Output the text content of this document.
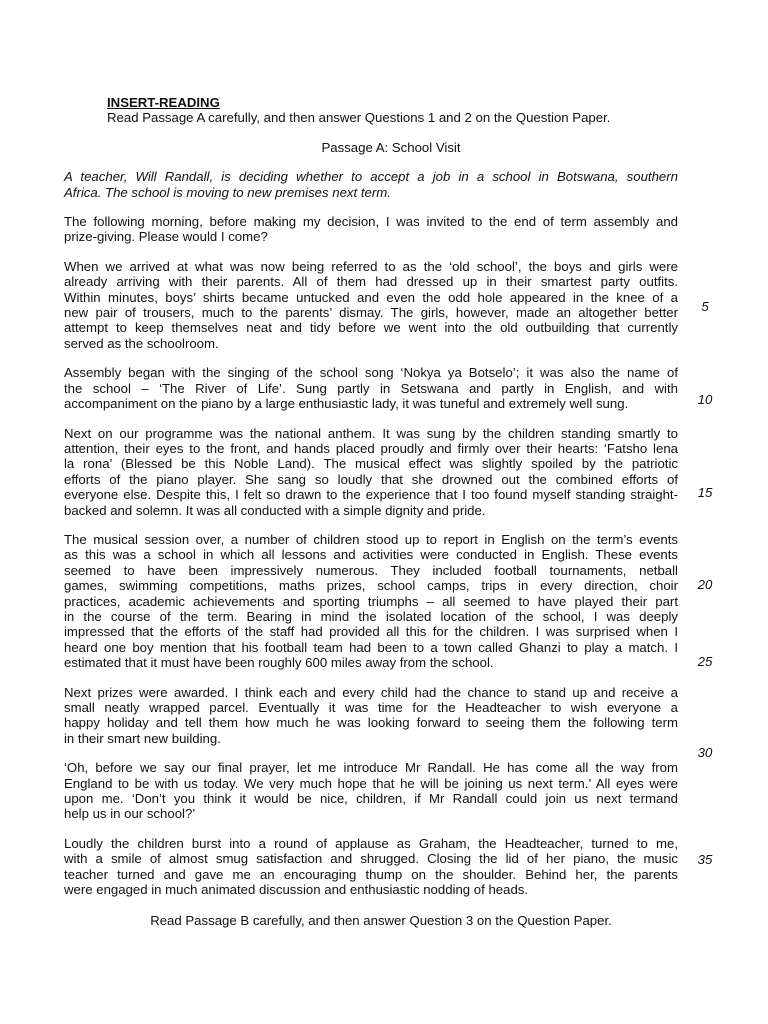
INSERT-READING
Read Passage A carefully, and then answer Questions 1 and 2 on the Question Paper.
Passage A: School Visit

A teacher, Will Randall, is deciding whether to accept a job in a school in Botswana, southern
Africa. The school is moving to new premises next term.

The following morning, before making my decision, I was invited to the end of term assembly and
prize-giving. Please would I come?

When we arrived at what was now being referred to as the ‘old school’, the boys and girls were
already arriving with their parents. All of them had dressed up in their smartest party outfits.
Within minutes, boys’ shirts became untucked and even the odd hole appeared in the knee of a
new pair of trousers, much to the parents’ dismay. The girls, however, made an altogether better
attempt to keep themselves neat and tidy before we went into the old outbuilding that currently
served as the schoolroom.

Assembly began with the singing of the school song ‘Nokya ya Botselo’; it was also the name of
the school – ‘The River of Life’. Sung partly in Setswana and partly in English, and with
accompaniment on the piano by a large enthusiastic lady, it was tuneful and extremely well sung.

Next on our programme was the national anthem. It was sung by the children standing smartly to
attention, their eyes to the front, and hands placed proudly and firmly over their hearts: ‘Fatsho lena
la rona’ (Blessed be this Noble Land). The musical effect was slightly spoiled by the patriotic
efforts of the piano player. She sang so loudly that she drowned out the combined efforts of
everyone else. Despite this, I felt so drawn to the experience that I too found myself standing straight-
backed and solemn. It was all conducted with a simple dignity and pride.

The musical session over, a number of children stood up to report in English on the term’s events
as this was a school in which all lessons and activities were conducted in English. These events
seemed to have been impressively numerous. They included football tournaments, netball
games, swimming competitions, maths prizes, school camps, trips in every direction, choir
practices, academic achievements and sporting triumphs – all seemed to have played their part
in the course of the term. Bearing in mind the isolated location of the school, I was deeply
impressed that the efforts of the staff had provided all this for the children. I was surprised when I
heard one boy mention that his football team had been to a town called Ghanzi to play a match. I
estimated that it must have been roughly 600 miles away from the school.

Next prizes were awarded. I think each and every child had the chance to stand up and receive a
small neatly wrapped parcel. Eventually it was time for the Headteacher to wish everyone a
happy holiday and tell them how much he was looking forward to seeing them the following term
in their smart new building.

‘Oh, before we say our final prayer, let me introduce Mr Randall. He has come all the way from
England to be with us today. We very much hope that he will be joining us next term.’ All eyes were
upon me. ‘Don’t you think it would be nice, children, if Mr Randall could join us next termand
help us in our school?’

Loudly the children burst into a round of applause as Graham, the Headteacher, turned to me,
with a smile of almost smug satisfaction and shrugged. Closing the lid of her piano, the music
teacher turned and gave me an encouraging thump on the shoulder. Behind her, the parents
were engaged in much animated discussion and enthusiastic nodding of heads.

Read Passage B carefully, and then answer Question 3 on the Question Paper.
5
10
15
20
25
30
35
